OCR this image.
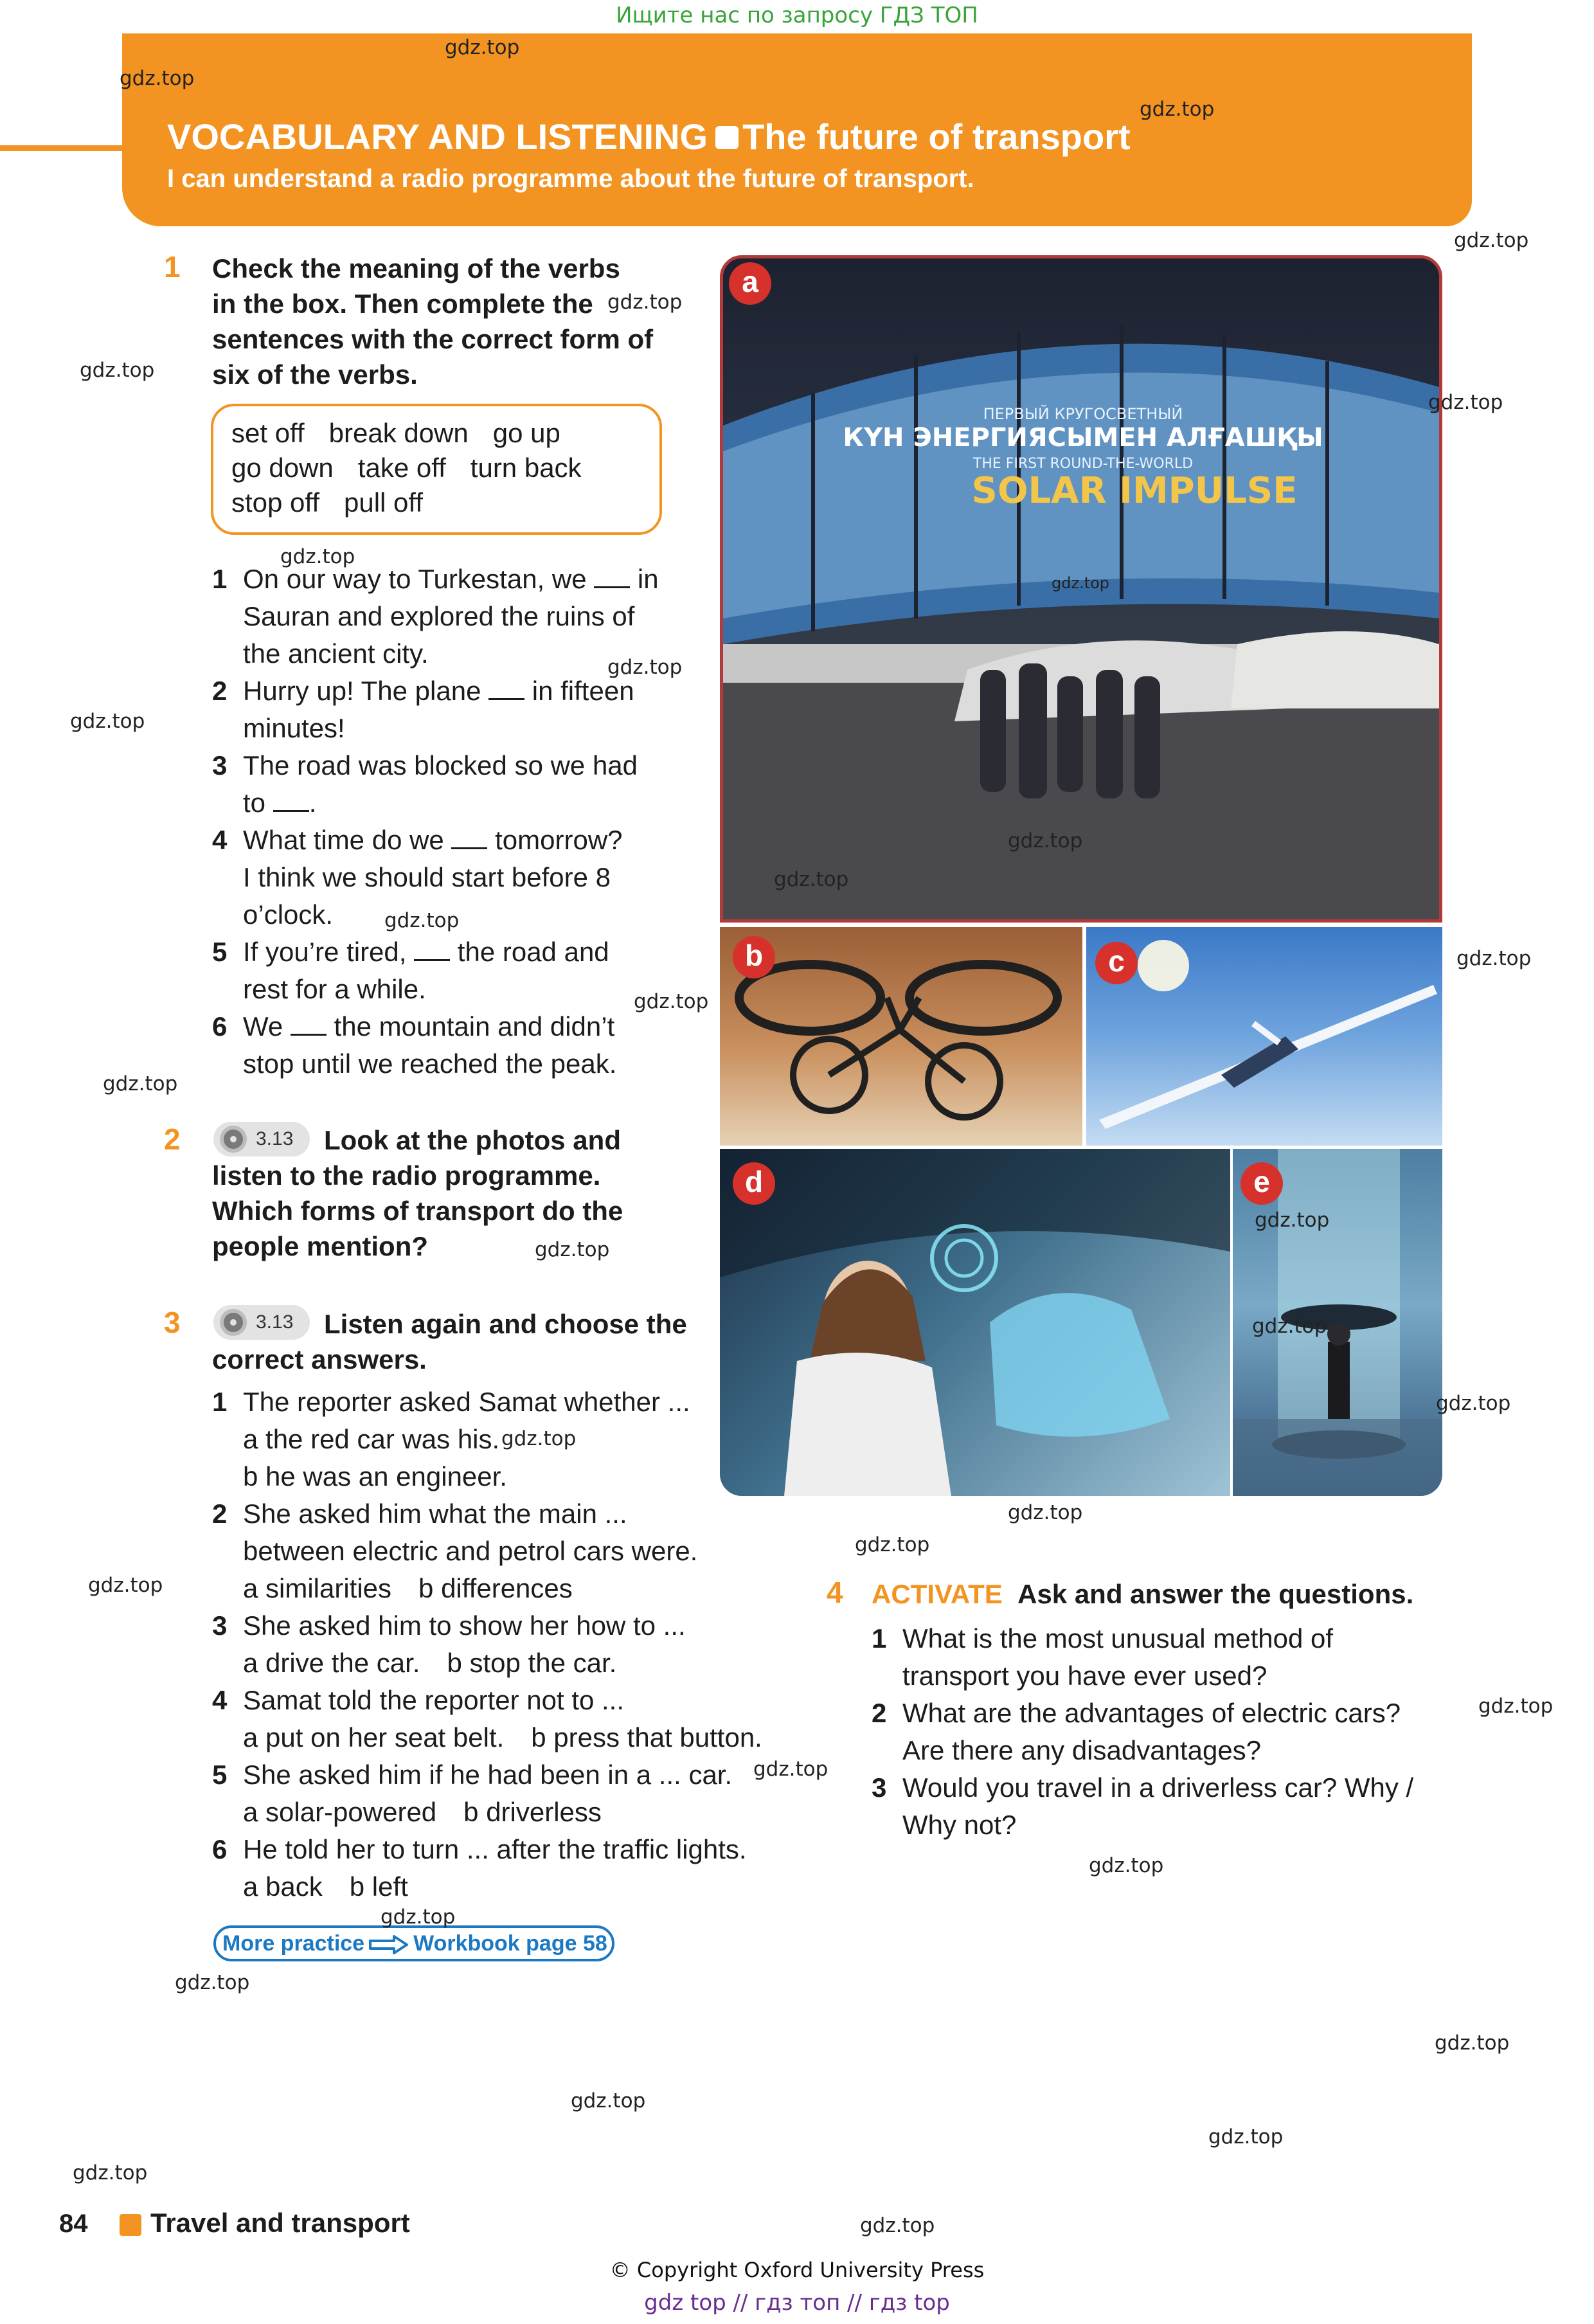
Ищите нас по запросу ГДЗ ТОП
VOCABULARY AND LISTENING The future of transport
I can understand a radio programme about the future of transport.
1 Check the meaning of the verbs
in the box. Then complete the
sentences with the correct form of
six of the verbs.
set off break down go up
go down take off turn back
stop off pull off
1 On our way to Turkestan, we in
Sauran and explored the ruins of
the ancient city.
2 Hurry up! The plane in fifteen
minutes!
3 The road was blocked so we had
to .
4 What time do we tomorrow?
I think we should start before 8
o’clock.
5 If you’re tired, the road and
rest for a while.
6 We the mountain and didn’t
stop until we reached the peak.
2	3.13 Look at the photos and
listen to the radio programme.
Which forms of transport do the
people mention?
3	3.13 Listen again and choose the
correct answers.
1 The reporter asked Samat whether ...
a the red car was his.
b he was an engineer.
2 She asked him what the main ...
between electric and petrol cars were.
a similarities b differences
3 She asked him to show her how to ...
a drive the car. b stop the car.
4 Samat told the reporter not to ...
a put on her seat belt. b press that button.
5 She asked him if he had been in a ... car.
a solar-powered b driverless
6 He told her to turn ... after the traffic lights.
a back b left
More practice Workbook page 58
ПЕРВЫЙ КРУГОСВЕТНЫЙ
КҮН ЭНЕРГИЯСЫМЕН АЛҒАШҚЫ
THE FIRST ROUND-THE-WORLD
SOLAR IMPULSE
a
b	c
d	e
4 ACTIVATE Ask and answer the questions.
1 What is the most unusual method of
transport you have ever used?
2 What are the advantages of electric cars?
Are there any disadvantages?
3 Would you travel in a driverless car? Why /
Why not?
84 Travel and transport
© Copyright Oxford University Press
gdz top // гдз топ // гдз top
gdz.top
gdz.top
gdz.top
gdz.top
gdz.top
gdz.top
gdz.top
gdz.top
gdz.top
gdz.top
gdz.top
gdz.top
gdz.top
gdz.top
gdz.top
gdz.top
gdz.top
gdz.top
gdz.top
gdz.top
gdz.top
gdz.top
gdz.top
gdz.top
gdz.top
gdz.top
gdz.top
gdz.top
gdz.top
gdz.top
gdz.top
gdz.top
gdz.top
gdz.top
gdz.top
